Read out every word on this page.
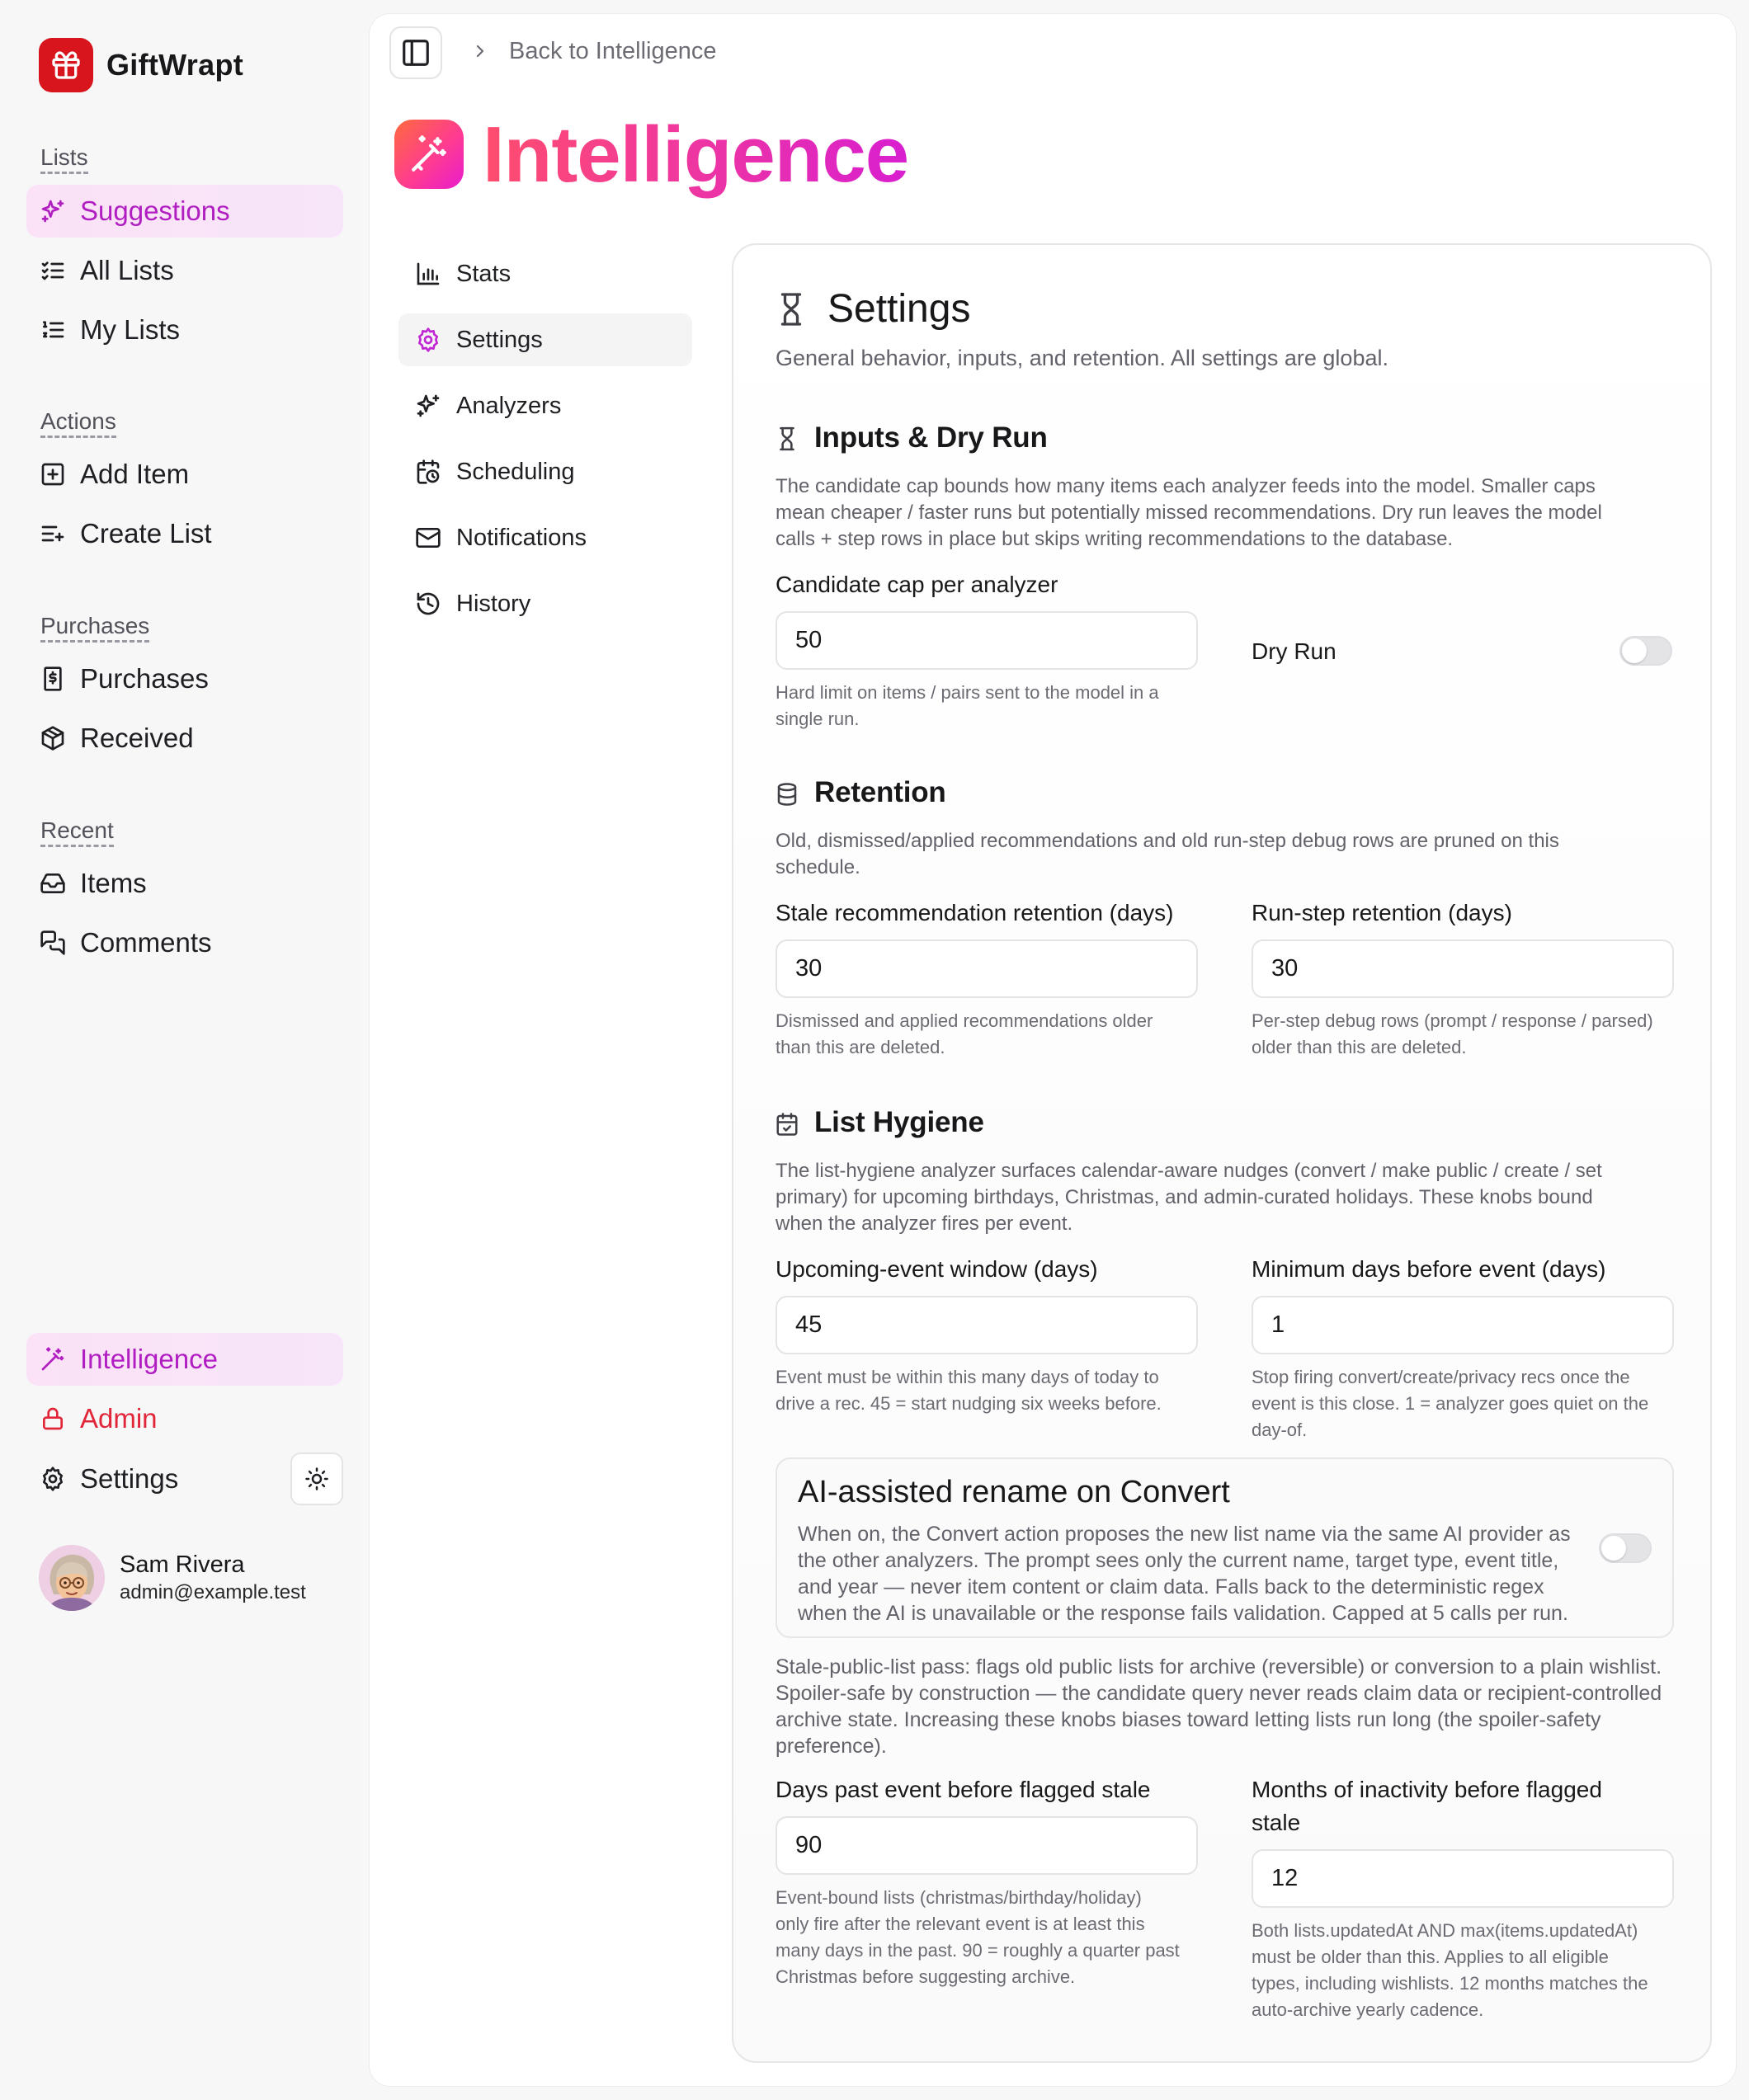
GiftWrapt
Lists
Suggestions
All Lists
My Lists
Actions
Add Item
Create List
Purchases
Purchases
Received
Recent
Items
Comments
Intelligence
Admin
Settings
Sam Rivera
admin@example.test
Back to Intelligence
Intelligence
Stats
Settings
Analyzers
Scheduling
Notifications
History
Settings
General behavior, inputs, and retention. All settings are global.
Inputs & Dry Run
The candidate cap bounds how many items each analyzer feeds into the model. Smaller caps
mean cheaper / faster runs but potentially missed recommendations. Dry run leaves the model
calls + step rows in place but skips writing recommendations to the database.
Candidate cap per analyzer
50
Hard limit on items / pairs sent to the model in a
single run.
Dry Run
Retention
Old, dismissed/applied recommendations and old run-step debug rows are pruned on this
schedule.
Stale recommendation retention (days)
30
Dismissed and applied recommendations older
than this are deleted.
Run-step retention (days)
30
Per-step debug rows (prompt / response / parsed)
older than this are deleted.
List Hygiene
The list-hygiene analyzer surfaces calendar-aware nudges (convert / make public / create / set
primary) for upcoming birthdays, Christmas, and admin-curated holidays. These knobs bound
when the analyzer fires per event.
Upcoming-event window (days)
45
Event must be within this many days of today to
drive a rec. 45 = start nudging six weeks before.
Minimum days before event (days)
1
Stop firing convert/create/privacy recs once the
event is this close. 1 = analyzer goes quiet on the
day-of.
AI-assisted rename on Convert
When on, the Convert action proposes the new list name via the same AI provider as
the other analyzers. The prompt sees only the current name, target type, event title,
and year — never item content or claim data. Falls back to the deterministic regex
when the AI is unavailable or the response fails validation. Capped at 5 calls per run.
Stale-public-list pass: flags old public lists for archive (reversible) or conversion to a plain wishlist.
Spoiler-safe by construction — the candidate query never reads claim data or recipient-controlled
archive state. Increasing these knobs biases toward letting lists run long (the spoiler-safety
preference).
Days past event before flagged stale
90
Event-bound lists (christmas/birthday/holiday)
only fire after the relevant event is at least this
many days in the past. 90 = roughly a quarter past
Christmas before suggesting archive.
Months of inactivity before flagged
stale
12
Both lists.updatedAt AND max(items.updatedAt)
must be older than this. Applies to all eligible
types, including wishlists. 12 months matches the
auto-archive yearly cadence.
